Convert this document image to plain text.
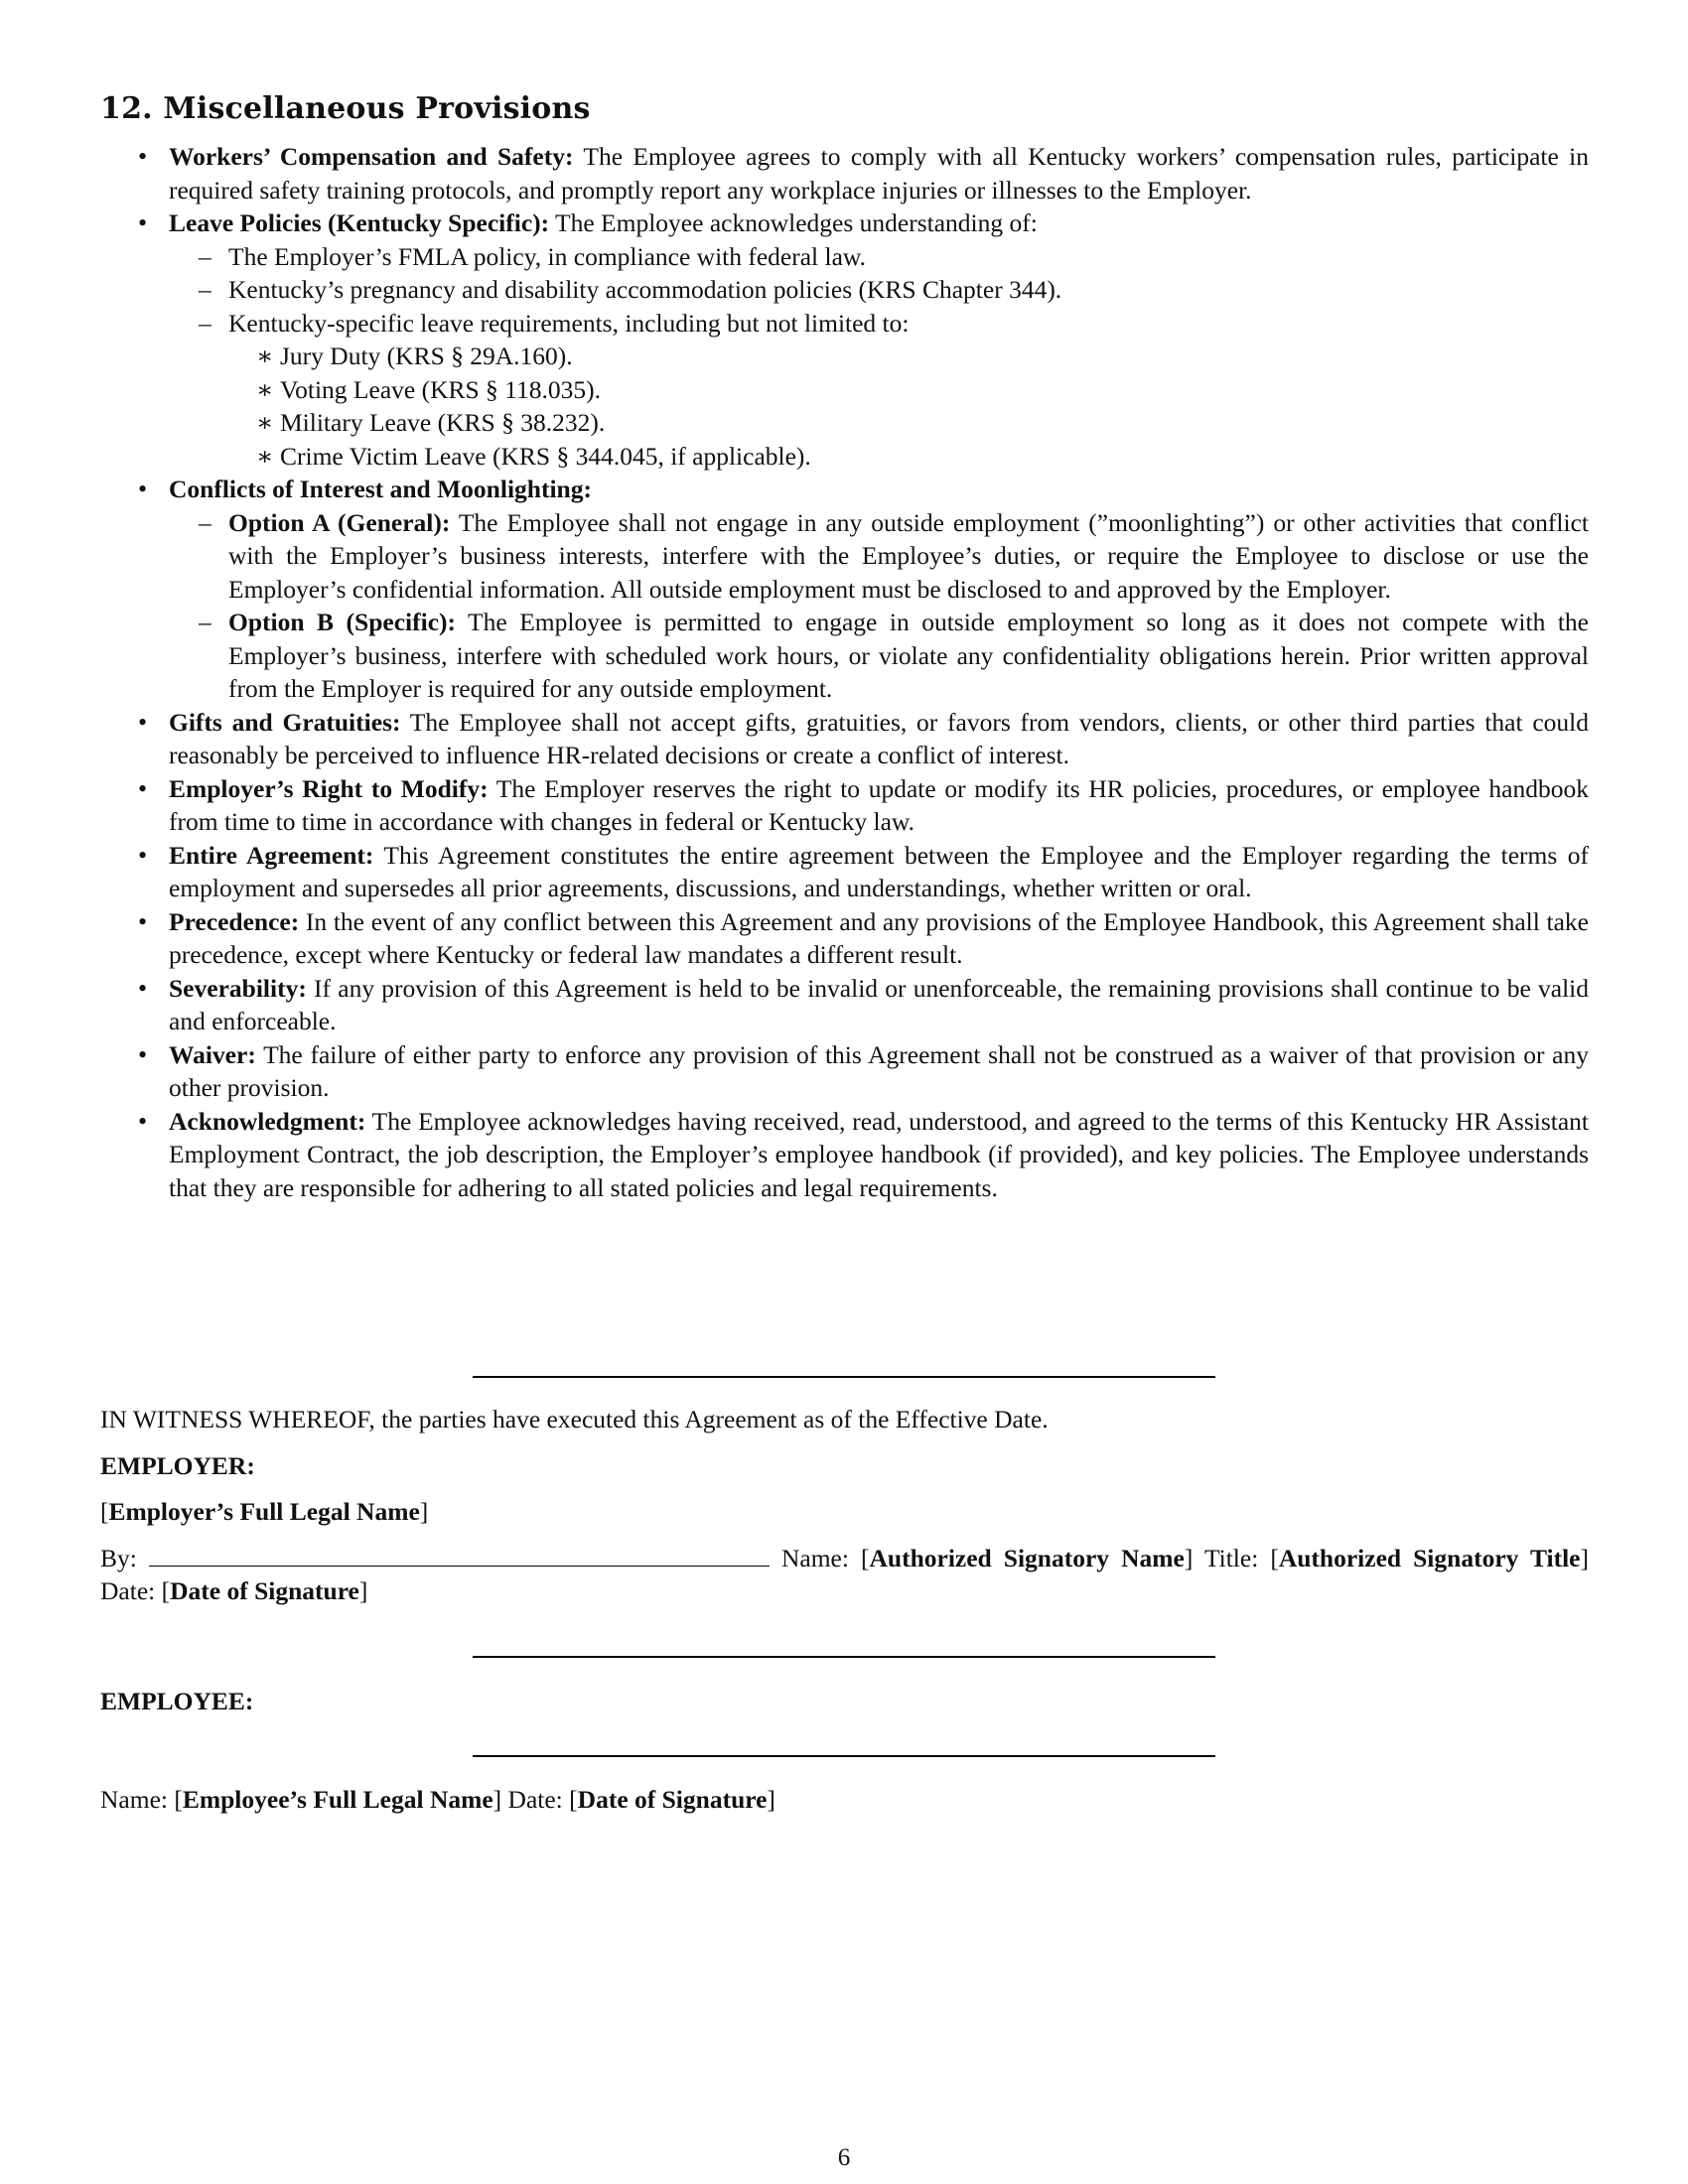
12. Miscellaneous Provisions
• Workers’ Compensation and Safety: The Employee agrees to comply with all Kentucky workers’ compensation rules, participate in required safety training protocols, and promptly report any workplace injuries or illnesses to the Employer.
• Leave Policies (Kentucky Specific): The Employee acknowledges understanding of:
– The Employer’s FMLA policy, in compliance with federal law.
– Kentucky’s pregnancy and disability accommodation policies (KRS Chapter 344).
– Kentucky-specific leave requirements, including but not limited to:
∗ Jury Duty (KRS § 29A.160).
∗ Voting Leave (KRS § 118.035).
∗ Military Leave (KRS § 38.232).
∗ Crime Victim Leave (KRS § 344.045, if applicable).
• Conflicts of Interest and Moonlighting:
– Option A (General): The Employee shall not engage in any outside employment (”moonlighting”) or other activities that conflict with the Employer’s business interests, interfere with the Employee’s duties, or require the Employee to disclose or use the Employer’s confidential information. All outside employment must be disclosed to and approved by the Employer.
– Option B (Specific): The Employee is permitted to engage in outside employment so long as it does not compete with the Employer’s business, interfere with scheduled work hours, or violate any confidentiality obligations herein. Prior written approval from the Employer is required for any outside employment.
• Gifts and Gratuities: The Employee shall not accept gifts, gratuities, or favors from vendors, clients, or other third parties that could reasonably be perceived to influence HR-related decisions or create a conflict of interest.
• Employer’s Right to Modify: The Employer reserves the right to update or modify its HR policies, procedures, or employee handbook from time to time in accordance with changes in federal or Kentucky law.
• Entire Agreement: This Agreement constitutes the entire agreement between the Employee and the Employer regarding the terms of employment and supersedes all prior agreements, discussions, and understandings, whether written or oral.
• Precedence: In the event of any conflict between this Agreement and any provisions of the Employee Handbook, this Agreement shall take precedence, except where Kentucky or federal law mandates a different result.
• Severability: If any provision of this Agreement is held to be invalid or unenforceable, the remaining provisions shall continue to be valid and enforceable.
• Waiver: The failure of either party to enforce any provision of this Agreement shall not be construed as a waiver of that provision or any other provision.
• Acknowledgment: The Employee acknowledges having received, read, understood, and agreed to the terms of this Kentucky HR Assistant Employment Contract, the job description, the Employer’s employee handbook (if provided), and key policies. The Employee understands that they are responsible for adhering to all stated policies and legal requirements.
IN WITNESS WHEREOF, the parties have executed this Agreement as of the Effective Date.
EMPLOYER:
[Employer’s Full Legal Name]
By:	Name: [Authorized Signatory Name] Title: [Authorized Signatory Title] Date: [Date of Signature]
EMPLOYEE:
Name: [Employee’s Full Legal Name] Date: [Date of Signature]
6
